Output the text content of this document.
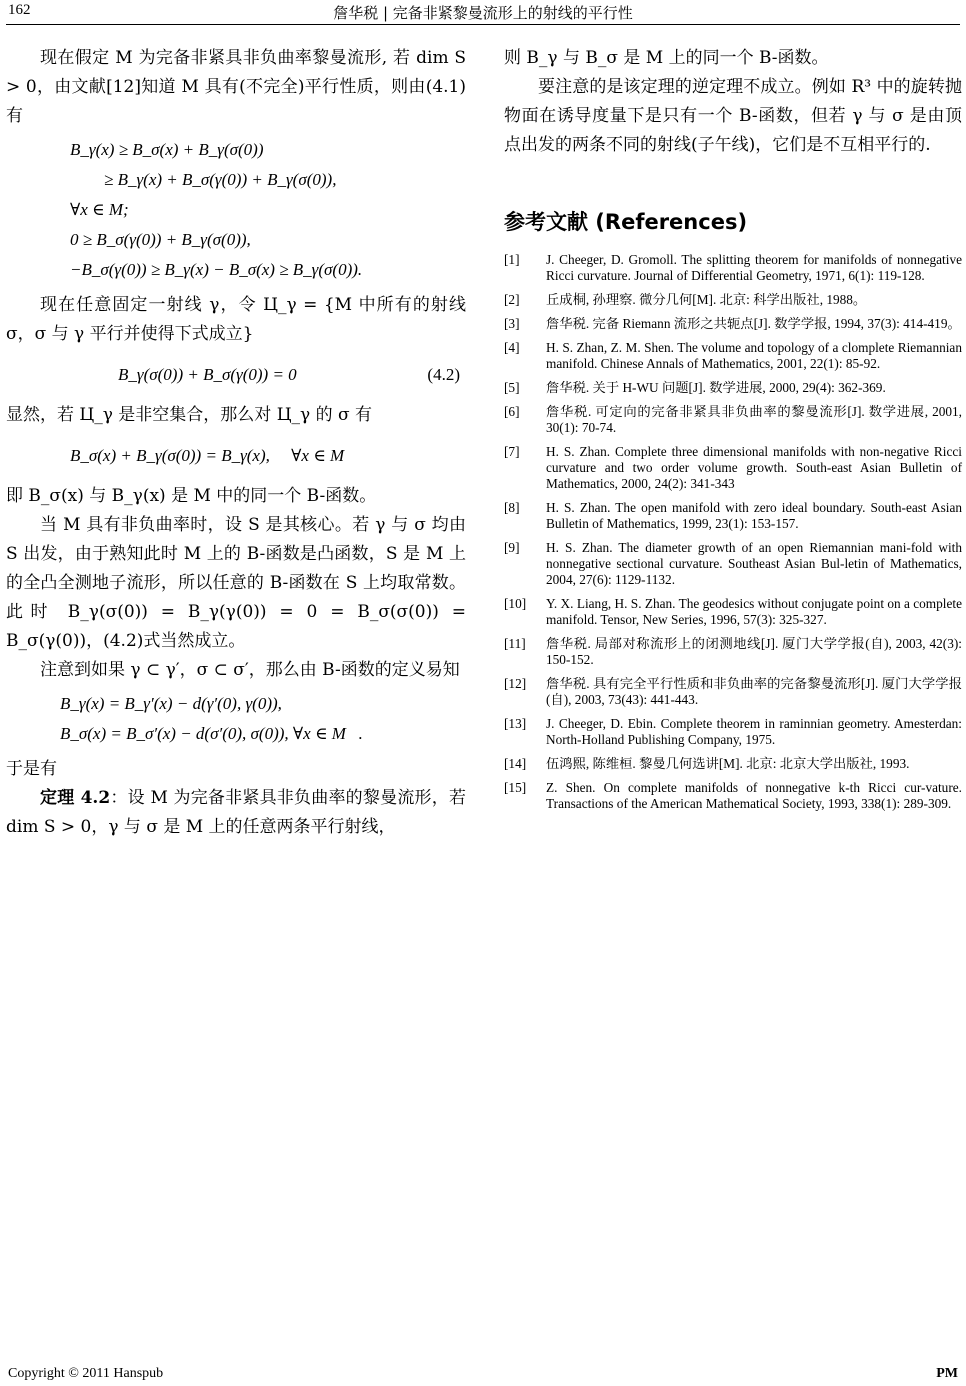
162	詹华税 | 完备非紧黎曼流形上的射线的平行性

现在假定 M 为完备非紧具非负曲率黎曼流形, 若 dim S > 0，由文献[12]知道 M 具有(不完全)平行性质，则由(4.1)有

B_γ(x) ≥ B_σ(x) + B_γ(σ(0))
≥ B_γ(x) + B_σ(γ(0)) + B_γ(σ(0)),
∀x ∈ M;
0 ≥ B_σ(γ(0)) + B_γ(σ(0)),
−B_σ(γ(0)) ≥ B_γ(x) − B_σ(x) ≥ B_γ(σ(0)).

现在任意固定一射线 γ，令 Ц_γ = {M 中所有的射线 σ，σ 与 γ 平行并使得下式成立}

B_γ(σ(0)) + B_σ(γ(0)) = 0	(4.2)

显然，若 Ц_γ 是非空集合，那么对 Ц_γ 的 σ 有

B_σ(x) + B_γ(σ(0)) = B_γ(x),     ∀x ∈ M

即 B_σ(x) 与 B_γ(x) 是 M 中的同一个 B-函数。

当 M 具有非负曲率时，设 S 是其核心。若 γ 与 σ 均由 S 出发，由于熟知此时 M 上的 B-函数是凸函数，S 是 M 上的全凸全测地子流形，所以任意的 B-函数在 S 上均取常数。此时 B_γ(σ(0)) = B_γ(γ(0)) = 0 = B_σ(σ(0)) = B_σ(γ(0))，(4.2)式当然成立。

注意到如果 γ ⊂ γ′，σ ⊂ σ′，那么由 B-函数的定义易知

B_γ(x) = B_γ′(x) − d(γ′(0), γ(0)),
B_σ(x) = B_σ′(x) − d(σ′(0), σ(0)), ∀x ∈ M   .

于是有

定理 4.2：设 M 为完备非紧具非负曲率的黎曼流形，若 dim S > 0，γ 与 σ 是 M 上的任意两条平行射线，

则 B_γ 与 B_σ 是 M 上的同一个 B-函数。

要注意的是该定理的逆定理不成立。例如 R³ 中的旋转抛物面在诱导度量下是只有一个 B-函数，但若 γ 与 σ 是由顶点出发的两条不同的射线(子午线)，它们是不互相平行的.

参考文献 (References)
[1] J. Cheeger, D. Gromoll. The splitting theorem for manifolds of nonnegative Ricci curvature. Journal of Differential Geometry, 1971, 6(1): 119-128.
[2] 丘成桐, 孙理察. 微分几何[M]. 北京: 科学出版社, 1988。
[3] 詹华税. 完备 Riemann 流形之共轭点[J]. 数学学报, 1994, 37(3): 414-419。
[4] H. S. Zhan, Z. M. Shen. The volume and topology of a clomplete Riemannian manifold. Chinese Annals of Mathematics, 2001, 22(1): 85-92.
[5] 詹华税. 关于 H-WU 问题[J]. 数学进展, 2000, 29(4): 362-369.
[6] 詹华税. 可定向的完备非紧具非负曲率的黎曼流形[J]. 数学进展, 2001, 30(1): 70-74.
[7] H. S. Zhan. Complete three dimensional manifolds with non-negative Ricci curvature and two order volume growth. South-east Asian Bulletin of Mathematics, 2000, 24(2): 341-343
[8] H. S. Zhan. The open manifold with zero ideal boundary. South-east Asian Bulletin of Mathematics, 1999, 23(1): 153-157.
[9] H. S. Zhan. The diameter growth of an open Riemannian mani-fold with nonnegative sectional curvature. Southeast Asian Bul-letin of Mathematics, 2004, 27(6): 1129-1132.
[10] Y. X. Liang, H. S. Zhan. The geodesics without conjugate point on a complete manifold. Tensor, New Series, 1996, 57(3): 325-327.
[11] 詹华税. 局部对称流形上的闭测地线[J]. 厦门大学学报(自), 2003, 42(3): 150-152.
[12] 詹华税. 具有完全平行性质和非负曲率的完备黎曼流形[J]. 厦门大学学报(自), 2003, 73(43): 441-443.
[13] J. Cheeger, D. Ebin. Complete theorem in raminnian geometry. Amesterdan: North-Holland Publishing Company, 1975.
[14] 伍鸿熙, 陈维桓. 黎曼几何选讲[M]. 北京: 北京大学出版社, 1993.
[15] Z. Shen. On complete manifolds of nonnegative k-th Ricci cur-vature. Transactions of the American Mathematical Society, 1993, 338(1): 289-309.
Copyright © 2011 Hanspub	PM
